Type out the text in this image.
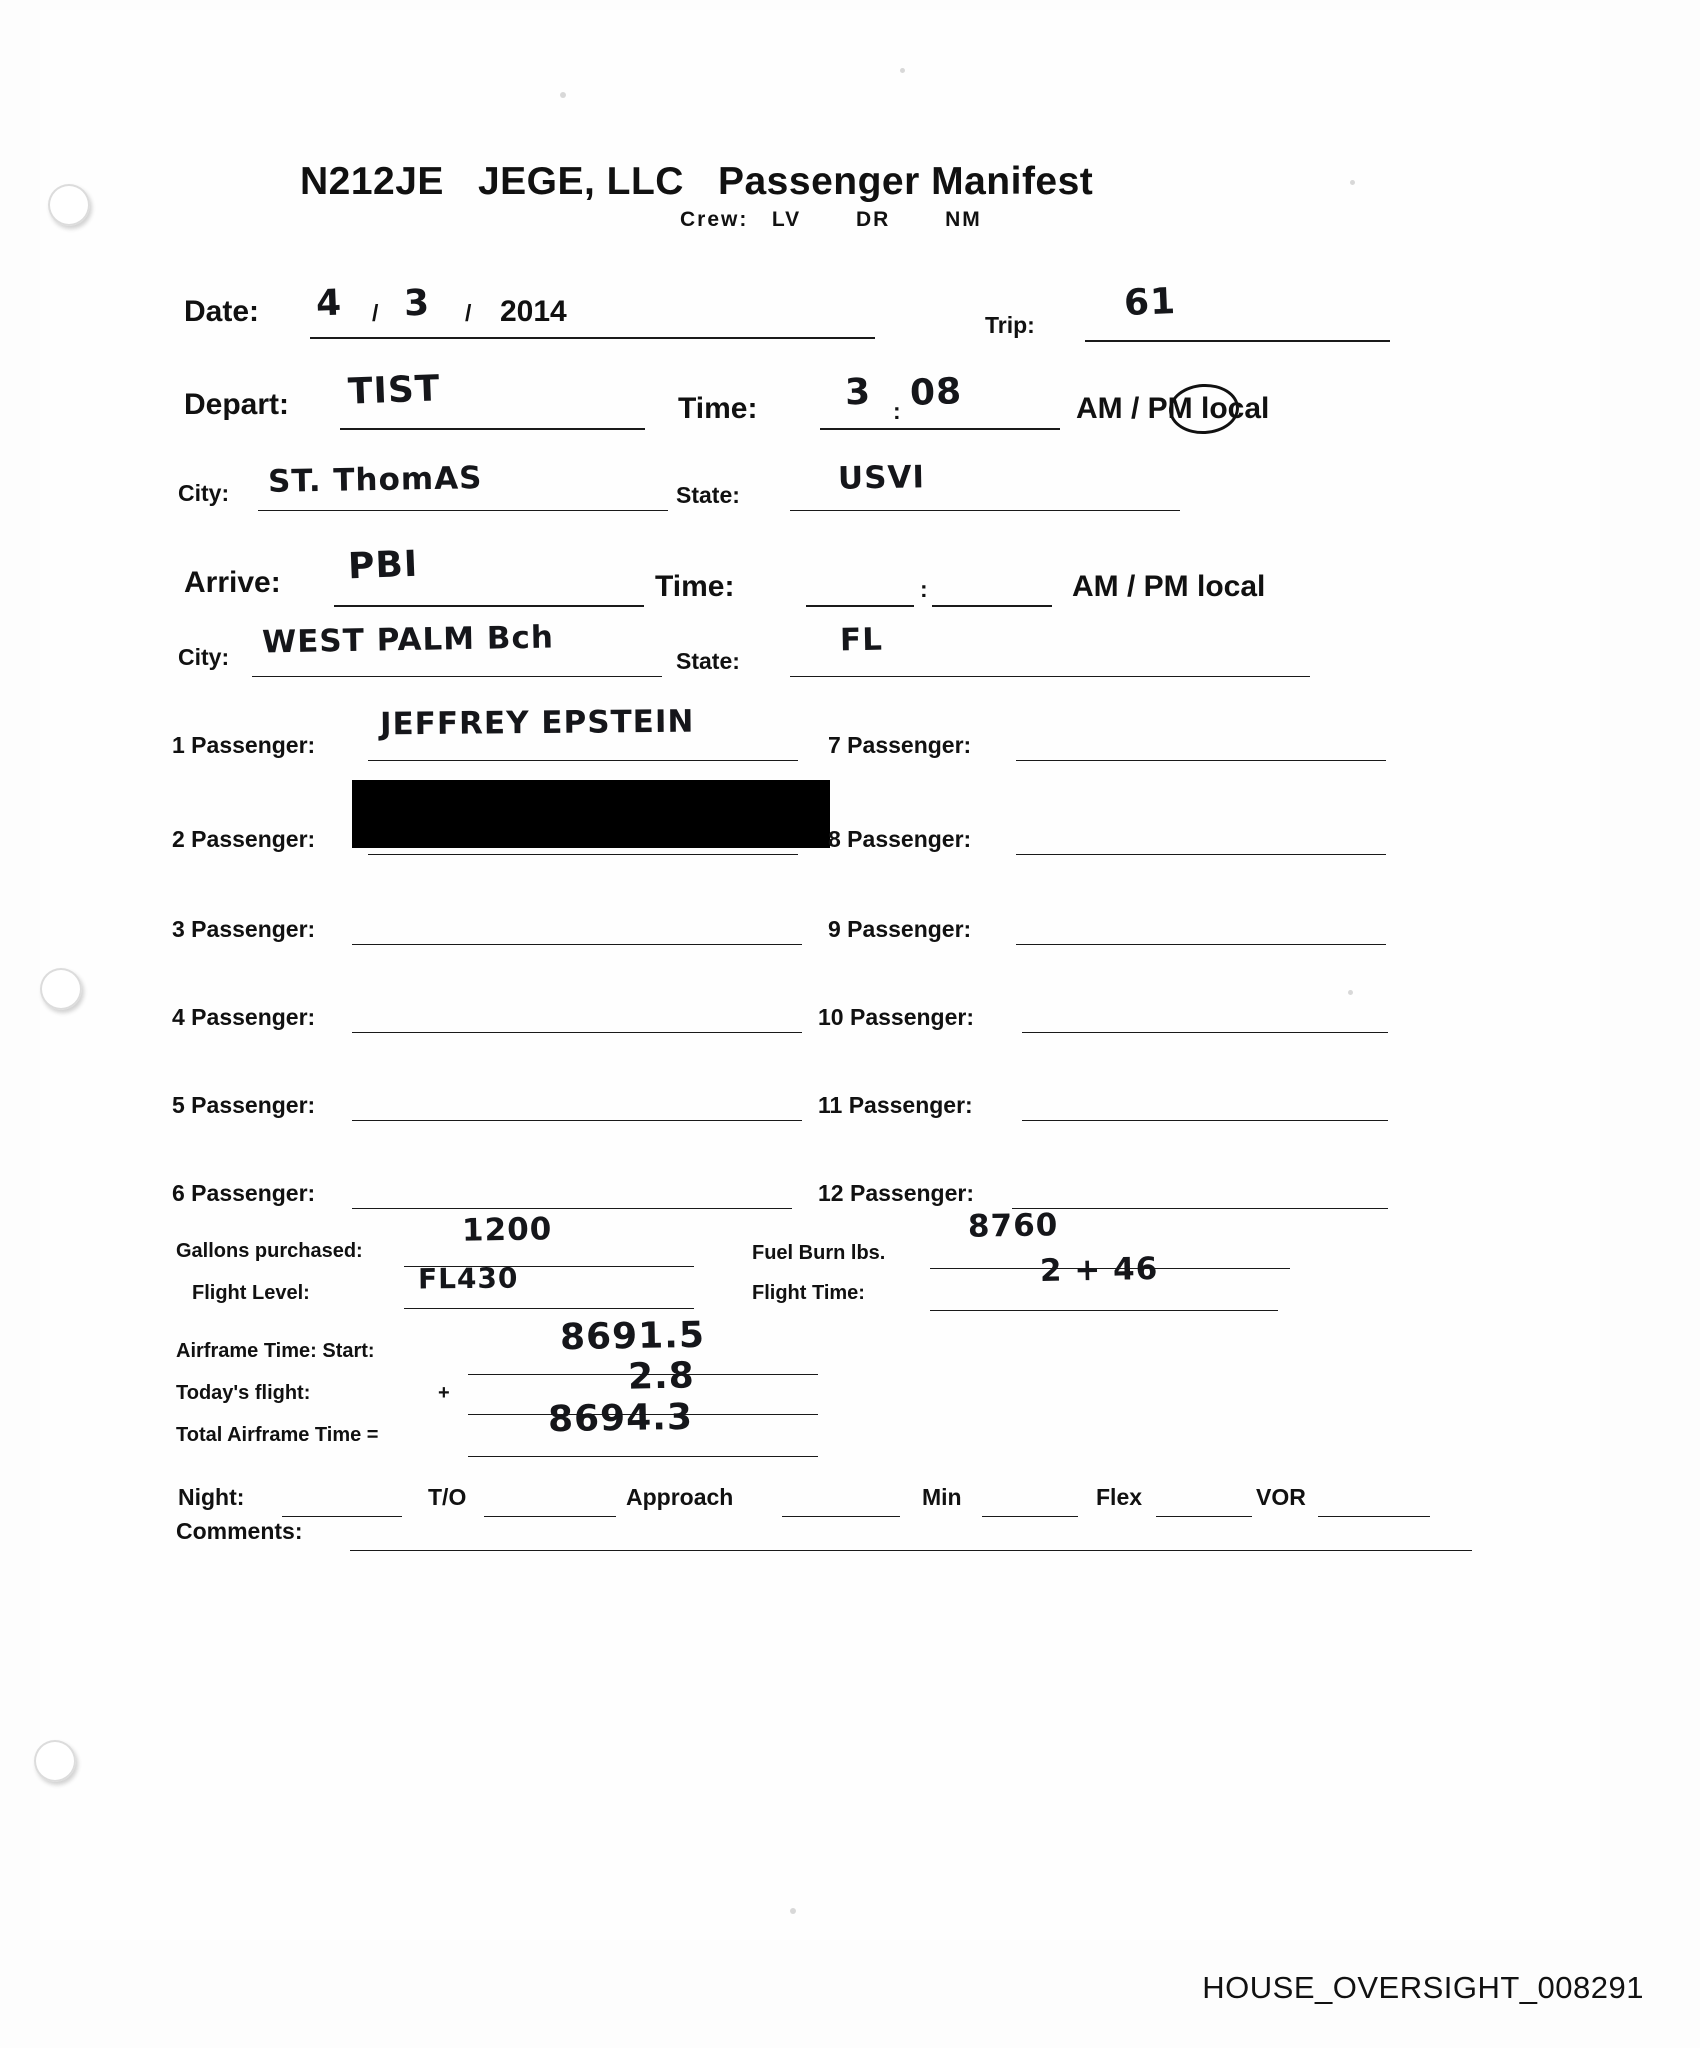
N212JE   JEGE, LLC   Passenger Manifest
Crew:   LV       DR       NM
Date: 4 / 3 / 2014	Trip:
61
Depart: TIST	Time: 3 : 08	AM / PM local
City: ST. ThomAS	State:	USVI
Arrive: PBI	Time:	:	AM / PM local
City: WEST PALM Bch
State:
FL
1 Passenger:
JEFFREY EPSTEIN
2 Passenger:
3 Passenger:
4 Passenger:
5 Passenger:
6 Passenger:
7 Passenger:
8 Passenger:
9 Passenger:
10 Passenger:
11 Passenger:
12 Passenger:
Gallons purchased:
1200
Fuel Burn lbs.
8760
Flight Level:	FL430	Flight Time:
2 + 46
Airframe Time: Start:	8691.5
Today's flight:	+	2.8
Total Airframe Time =	8694.3
Night:	T/O	Approach	Min	Flex	VOR
Comments:
HOUSE_OVERSIGHT_008291
